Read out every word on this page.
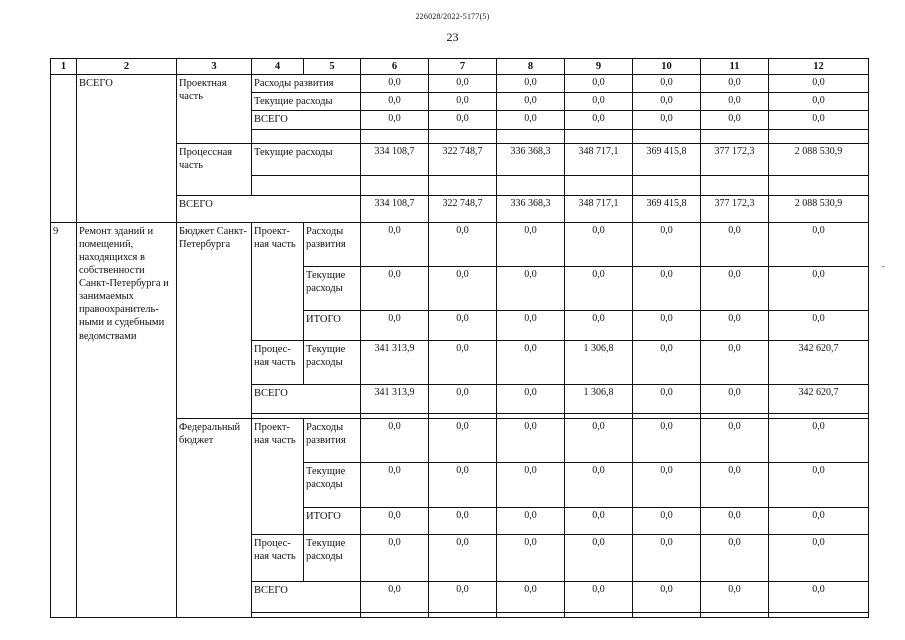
226028/2022-5177(5)
23
-
1	2	3	4	5	6	7	8	9	10	11	12
	ВСЕГО	Проектная часть	Расходы развития		0,0	0,0	0,0	0,0	0,0	0,0	0,0
			Текущие расходы		0,0	0,0	0,0	0,0	0,0	0,0	0,0
			ВСЕГО		0,0	0,0	0,0	0,0	0,0	0,0	0,0

		Процессная часть	Текущие расходы		334 108,7	322 748,7	336 368,3	348 717,1	369 415,8	377 172,3	2 088 530,9

		ВСЕГО			334 108,7	322 748,7	336 368,3	348 717,1	369 415,8	377 172,3	2 088 530,9
9	Ремонт зданий и помещений, находящихся в собственности Санкт-Петербурга и занимаемых правоохранитель-ными и судебными ведомствами	Бюджет Санкт-Петербурга	Проект-ная часть	Расходы развития	0,0	0,0	0,0	0,0	0,0	0,0	0,0
				Текущие расходы	0,0	0,0	0,0	0,0	0,0	0,0	0,0
				ИТОГО	0,0	0,0	0,0	0,0	0,0	0,0	0,0
			Процес-ная часть	Текущие расходы	341 313,9	0,0	0,0	1 306,8	0,0	0,0	342 620,7
			ВСЕГО		341 313,9	0,0	0,0	1 306,8	0,0	0,0	342 620,7

		Федеральный бюджет	Проект-ная часть	Расходы развития	0,0	0,0	0,0	0,0	0,0	0,0	0,0
				Текущие расходы	0,0	0,0	0,0	0,0	0,0	0,0	0,0
				ИТОГО	0,0	0,0	0,0	0,0	0,0	0,0	0,0
			Процес-ная часть	Текущие расходы	0,0	0,0	0,0	0,0	0,0	0,0	0,0
			ВСЕГО		0,0	0,0	0,0	0,0	0,0	0,0	0,0
